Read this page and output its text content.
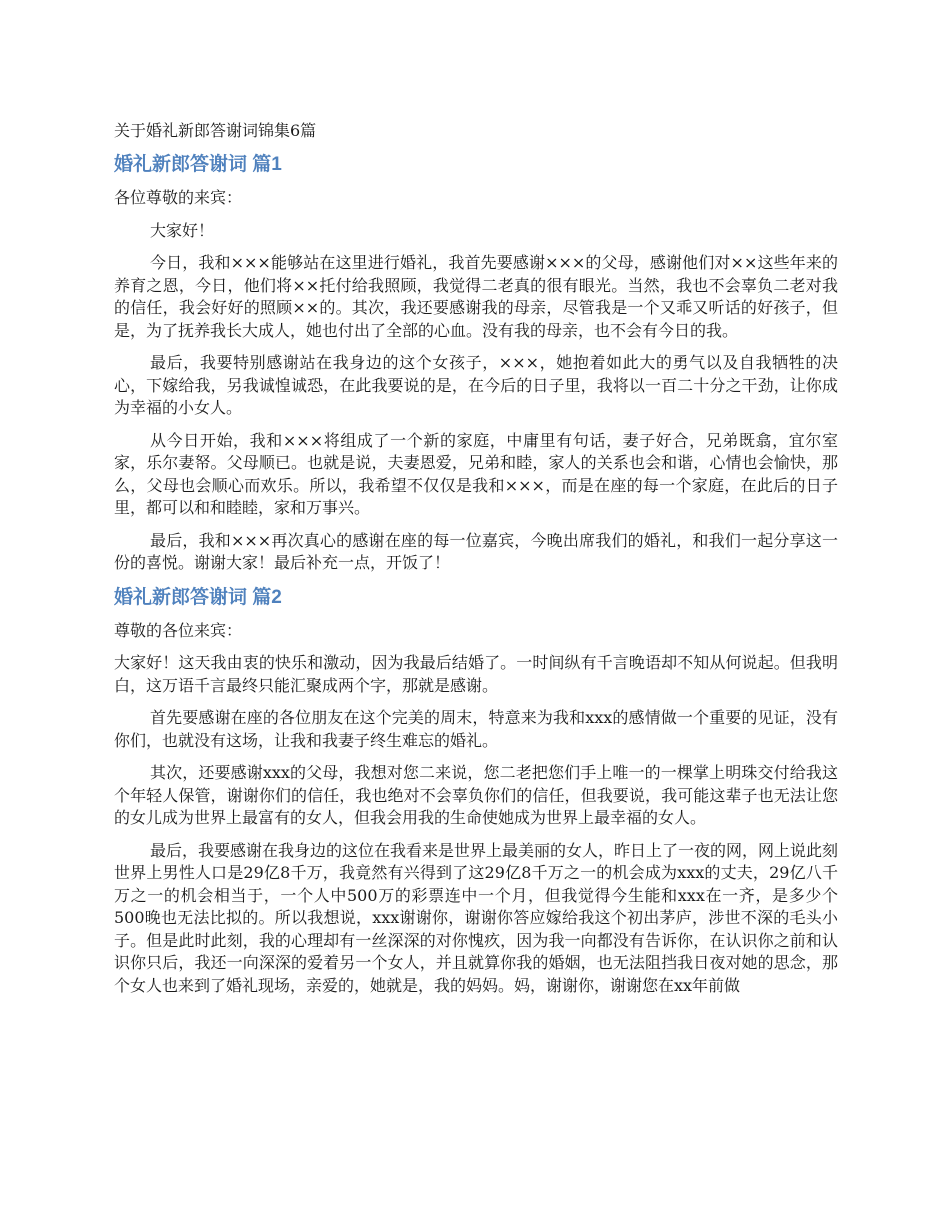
关于婚礼新郎答谢词锦集6篇
婚礼新郎答谢词 篇1

各位尊敬的来宾：

大家好！

今日，我和×××能够站在这里进行婚礼，我首先要感谢×××的父母，感谢他们对××这些年来的养育之恩，今日，他们将××托付给我照顾，我觉得二老真的很有眼光。当然，我也不会辜负二老对我的信任，我会好好的照顾××的。其次，我还要感谢我的母亲，尽管我是一个又乖又听话的好孩子，但是，为了抚养我长大成人，她也付出了全部的心血。没有我的母亲，也不会有今日的我。

最后，我要特别感谢站在我身边的这个女孩子，×××，她抱着如此大的勇气以及自我牺牲的决心，下嫁给我，另我诚惶诚恐，在此我要说的是，在今后的日子里，我将以一百二十分之干劲，让你成为幸福的小女人。

从今日开始，我和×××将组成了一个新的家庭，中庸里有句话，妻子好合，兄弟既翕，宜尔室家，乐尔妻帑。父母顺已。也就是说，夫妻恩爱，兄弟和睦，家人的关系也会和谐，心情也会愉快，那么，父母也会顺心而欢乐。所以，我希望不仅仅是我和×××，而是在座的每一个家庭，在此后的日子里，都可以和和睦睦，家和万事兴。

最后，我和×××再次真心的感谢在座的每一位嘉宾，今晚出席我们的婚礼，和我们一起分享这一份的喜悦。谢谢大家！最后补充一点，开饭了！

婚礼新郎答谢词 篇2

尊敬的各位来宾：

大家好！这天我由衷的快乐和激动，因为我最后结婚了。一时间纵有千言晚语却不知从何说起。但我明白，这万语千言最终只能汇聚成两个字，那就是感谢。

首先要感谢在座的各位朋友在这个完美的周末，特意来为我和xxx的感情做一个重要的见证，没有你们，也就没有这场，让我和我妻子终生难忘的婚礼。

其次，还要感谢xxx的父母，我想对您二来说，您二老把您们手上唯一的一棵掌上明珠交付给我这个年轻人保管，谢谢你们的信任，我也绝对不会辜负你们的信任，但我要说，我可能这辈子也无法让您的女儿成为世界上最富有的女人，但我会用我的生命使她成为世界上最幸福的女人。

最后，我要感谢在我身边的这位在我看来是世界上最美丽的女人，昨日上了一夜的网，网上说此刻世界上男性人口是29亿8千万，我竟然有兴得到了这29亿8千万之一的机会成为xxx的丈夫，29亿八千万之一的机会相当于，一个人中500万的彩票连中一个月，但我觉得今生能和xxx在一齐，是多少个500晚也无法比拟的。所以我想说，xxx谢谢你，谢谢你答应嫁给我这个初出茅庐，涉世不深的毛头小子。但是此时此刻，我的心理却有一丝深深的对你愧疚，因为我一向都没有告诉你，在认识你之前和认识你只后，我还一向深深的爱着另一个女人，并且就算你我的婚姻，也无法阻挡我日夜对她的思念，那个女人也来到了婚礼现场，亲爱的，她就是，我的妈妈。妈，谢谢你，谢谢您在xx年前做
